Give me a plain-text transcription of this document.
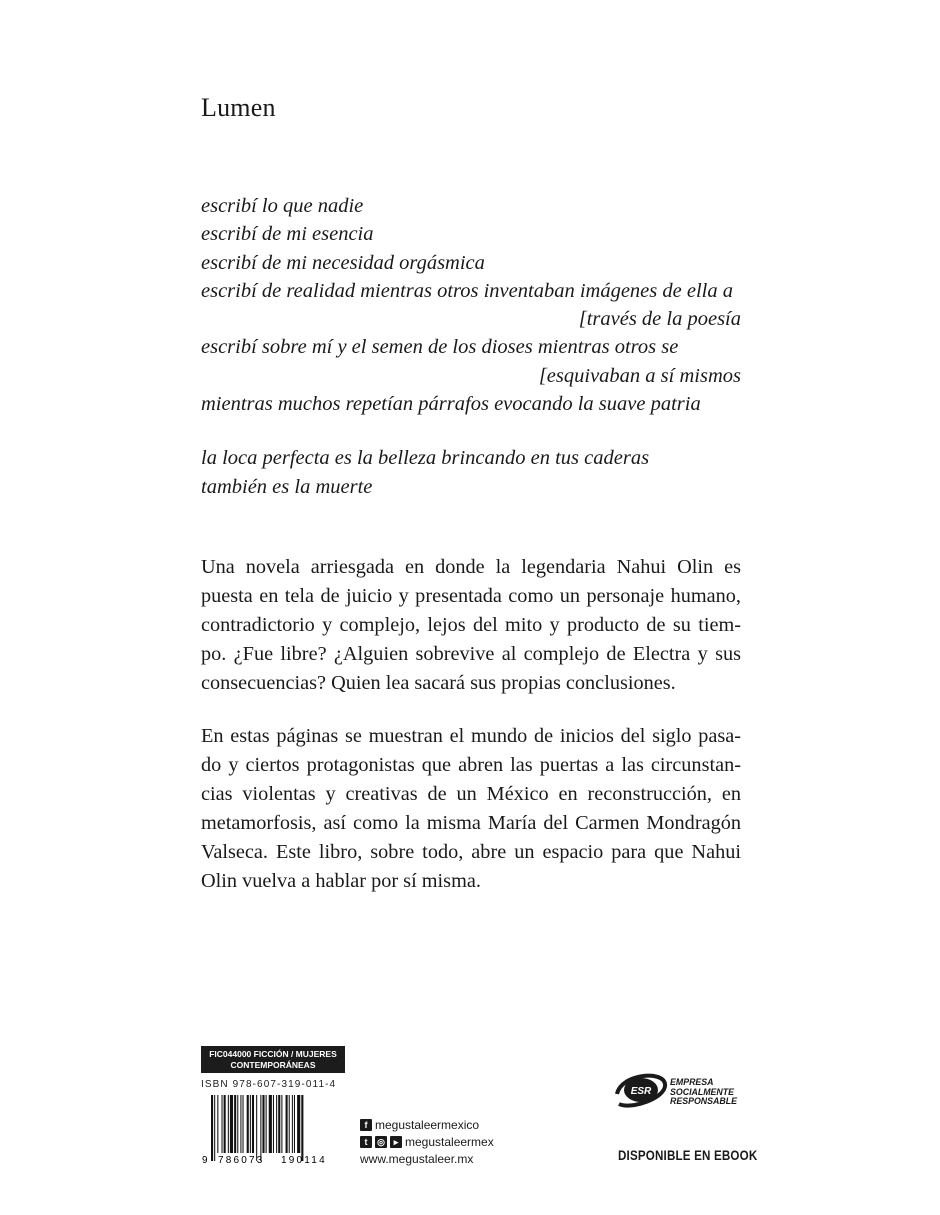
Lumen
escribí lo que nadie
escribí de mi esencia
escribí de mi necesidad orgásmica
escribí de realidad mientras otros inventaban imágenes de ella a
[través de la poesía
escribí sobre mí y el semen de los dioses mientras otros se
[esquivaban a sí mismos
mientras muchos repetían párrafos evocando la suave patria
la loca perfecta es la belleza brincando en tus caderas
también es la muerte
Una novela arriesgada en donde la legendaria Nahui Olin es
puesta en tela de juicio y presentada como un personaje humano,
contradictorio y complejo, lejos del mito y producto de su tiem-
po. ¿Fue libre? ¿Alguien sobrevive al complejo de Electra y sus
consecuencias? Quien lea sacará sus propias conclusiones.
En estas páginas se muestran el mundo de inicios del siglo pasa-
do y ciertos protagonistas que abren las puertas a las circunstan-
cias violentas y creativas de un México en reconstrucción, en
metamorfosis, así como la misma María del Carmen Mondragón
Valseca. Este libro, sobre todo, abre un espacio para que Nahui
Olin vuelva a hablar por sí misma.
FIC044000 FICCIÓN / MUJERES
CONTEMPORÁNEAS
ISBN 978-607-319-011-4
9 786073 190114
f megustaleermexico
t	◎ ▸ megustaleermex
www.megustaleer.mx
ESR
EMPRESA
SOCIALMENTE
RESPONSABLE
DISPONIBLE EN EBOOK
